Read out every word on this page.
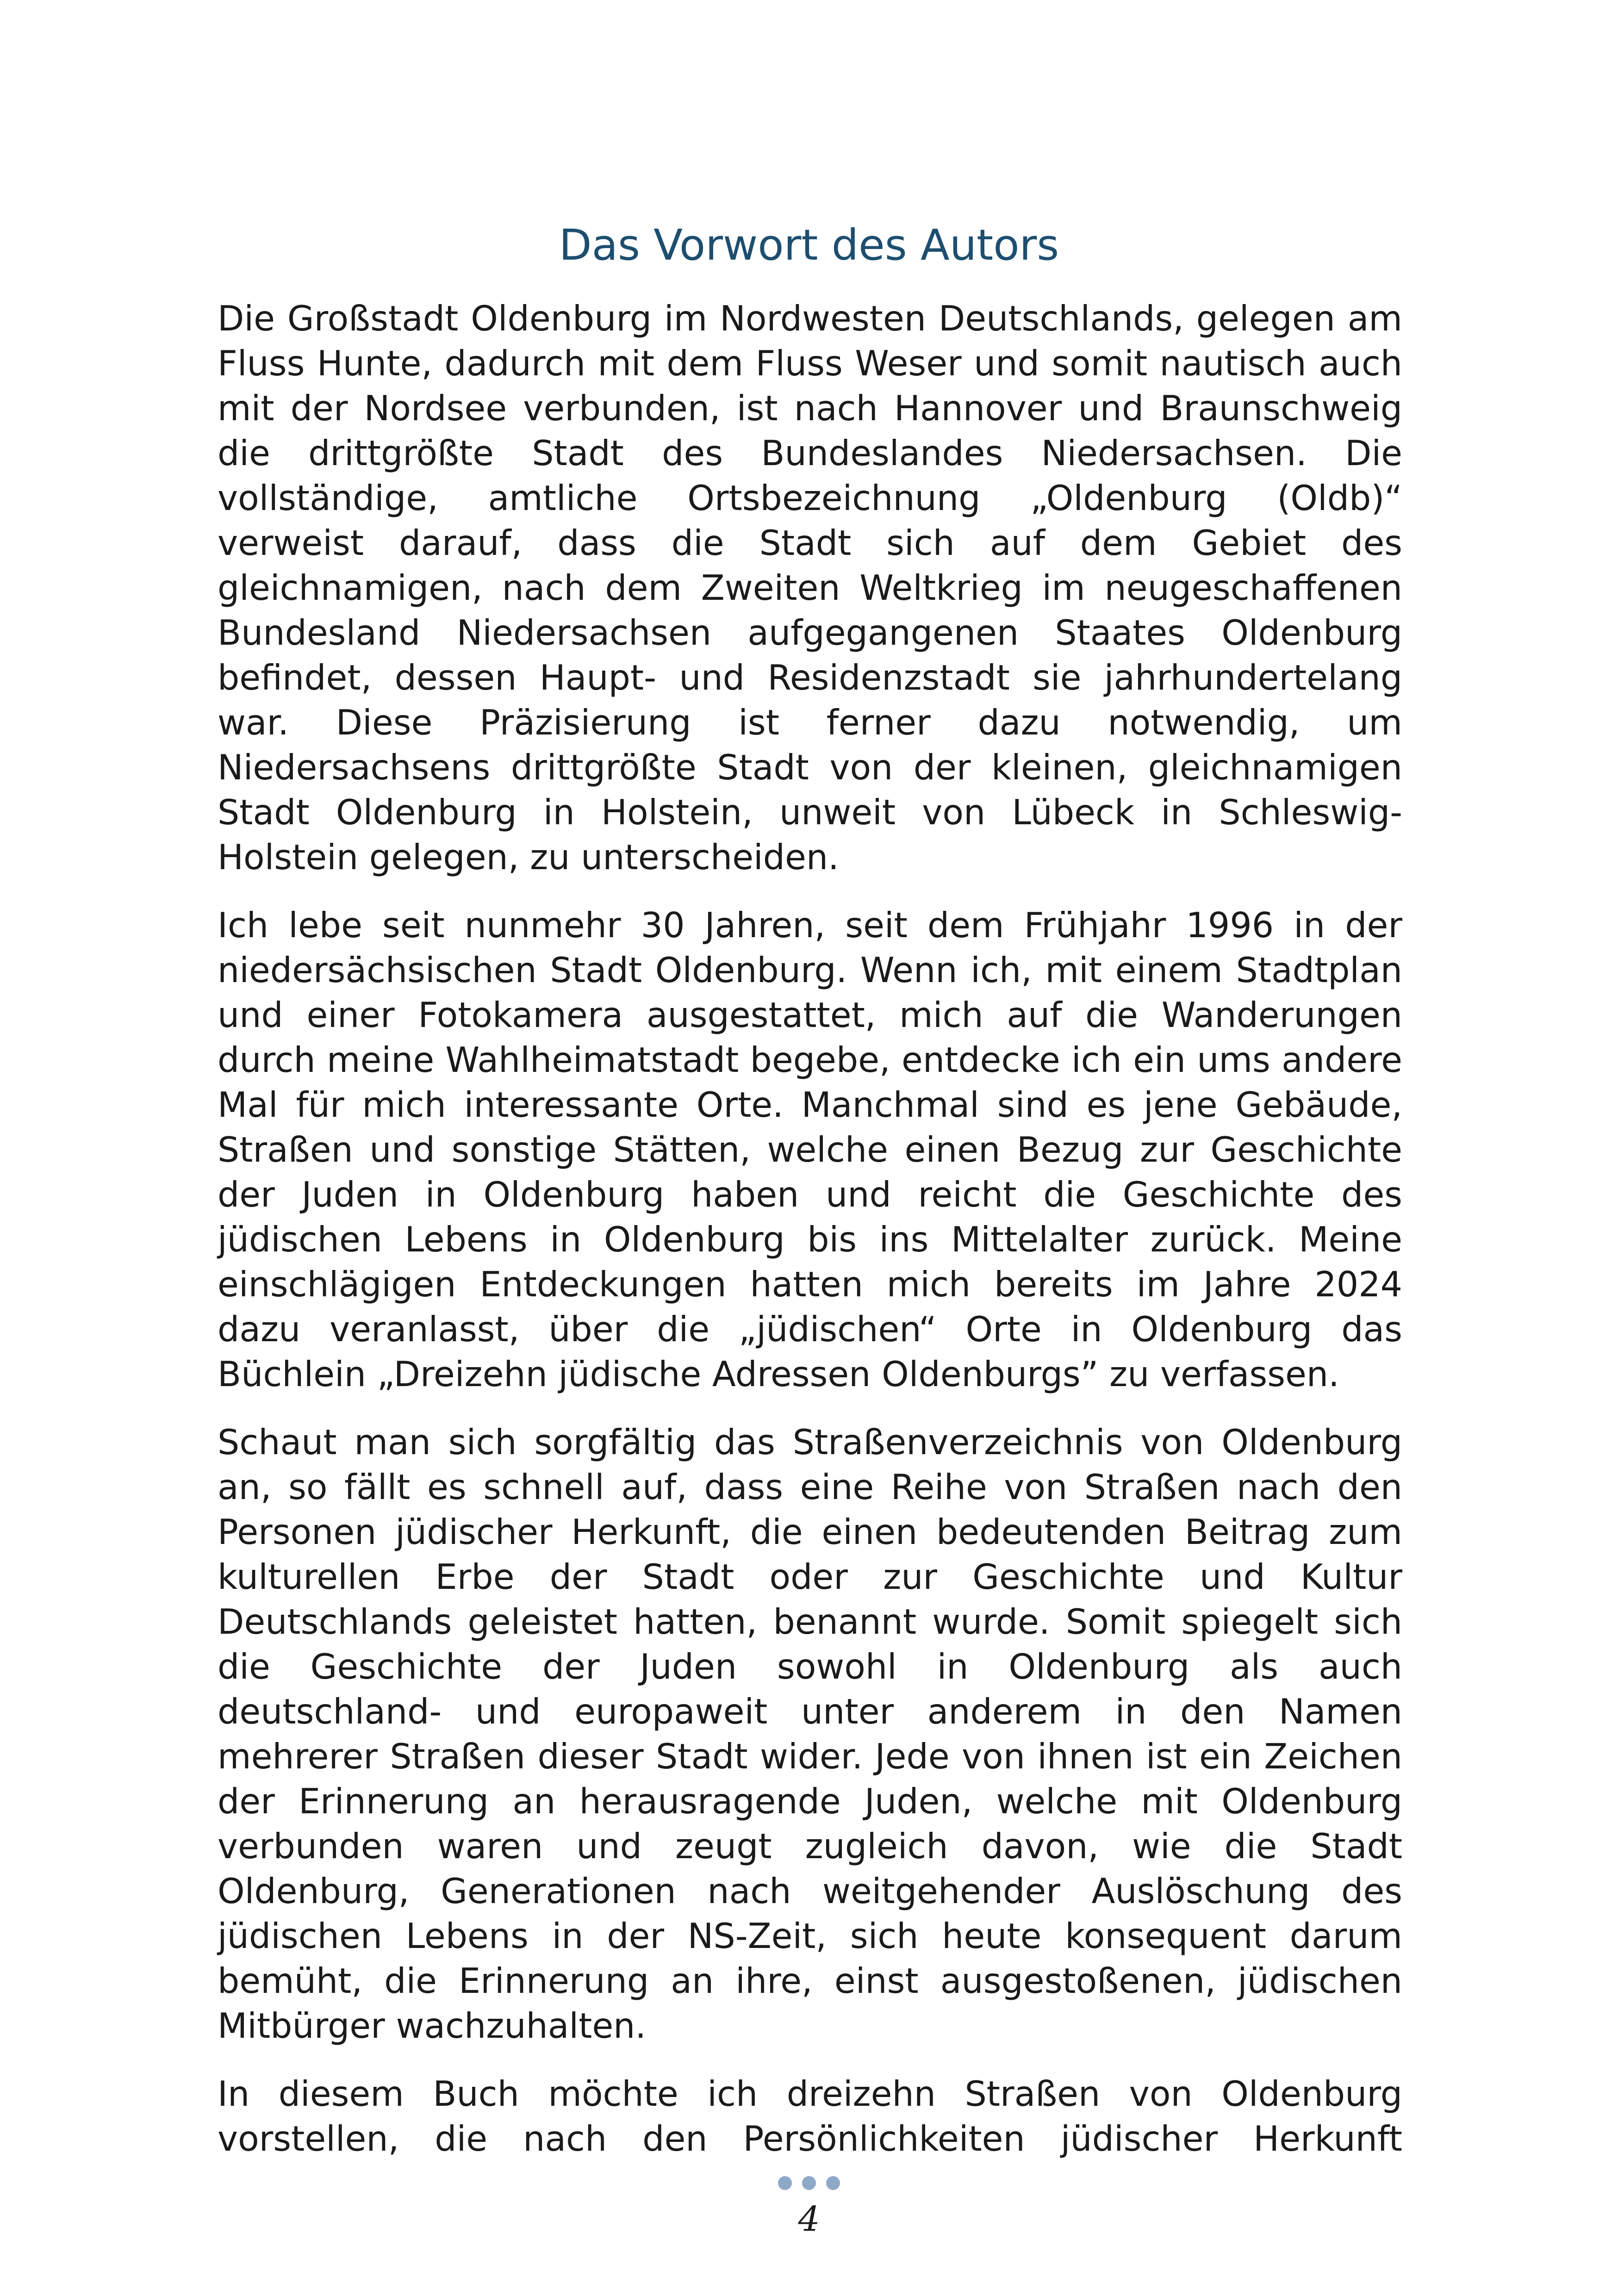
Das Vorwort des Autors

Die Großstadt Oldenburg im Nordwesten Deutschlands, gelegen am Fluss Hunte, dadurch mit dem Fluss Weser und somit nautisch auch mit der Nordsee verbunden, ist nach Hannover und Braunschweig die drittgrößte Stadt des Bundeslandes Niedersachsen. Die vollständige, amtliche Ortsbezeichnung „Oldenburg (Oldb)“ verweist darauf, dass die Stadt sich auf dem Gebiet des gleichnamigen, nach dem Zweiten Weltkrieg im neugeschaffenen Bundesland Niedersachsen aufgegangenen Staates Oldenburg befindet, dessen Haupt- und Residenzstadt sie jahrhundertelang war. Diese Präzisierung ist ferner dazu notwendig, um Niedersachsens drittgrößte Stadt von der kleinen, gleichnamigen Stadt Oldenburg in Holstein, unweit von Lübeck in Schleswig-Holstein gelegen, zu unterscheiden.

Ich lebe seit nunmehr 30 Jahren, seit dem Frühjahr 1996 in der niedersächsischen Stadt Oldenburg. Wenn ich, mit einem Stadtplan und einer Fotokamera ausgestattet, mich auf die Wanderungen durch meine Wahlheimatstadt begebe, entdecke ich ein ums andere Mal für mich interessante Orte. Manchmal sind es jene Gebäude, Straßen und sonstige Stätten, welche einen Bezug zur Geschichte der Juden in Oldenburg haben und reicht die Geschichte des jüdischen Lebens in Oldenburg bis ins Mittelalter zurück. Meine einschlägigen Entdeckungen hatten mich bereits im Jahre 2024 dazu veranlasst, über die „jüdischen“ Orte in Oldenburg das Büchlein „Dreizehn jüdische Adressen Oldenburgs” zu verfassen.

Schaut man sich sorgfältig das Straßenverzeichnis von Oldenburg an, so fällt es schnell auf, dass eine Reihe von Straßen nach den Personen jüdischer Herkunft, die einen bedeutenden Beitrag zum kulturellen Erbe der Stadt oder zur Geschichte und Kultur Deutschlands geleistet hatten, benannt wurde. Somit spiegelt sich die Geschichte der Juden sowohl in Oldenburg als auch deutschland- und europaweit unter anderem in den Namen mehrerer Straßen dieser Stadt wider. Jede von ihnen ist ein Zeichen der Erinnerung an herausragende Juden, welche mit Oldenburg verbunden waren und zeugt zugleich davon, wie die Stadt Oldenburg, Generationen nach weitgehender Auslöschung des jüdischen Lebens in der NS-Zeit, sich heute konsequent darum bemüht, die Erinnerung an ihre, einst ausgestoßenen, jüdischen Mitbürger wachzuhalten.

In diesem Buch möchte ich dreizehn Straßen von Oldenburg vorstellen, die nach den Persönlichkeiten jüdischer Herkunft

4
